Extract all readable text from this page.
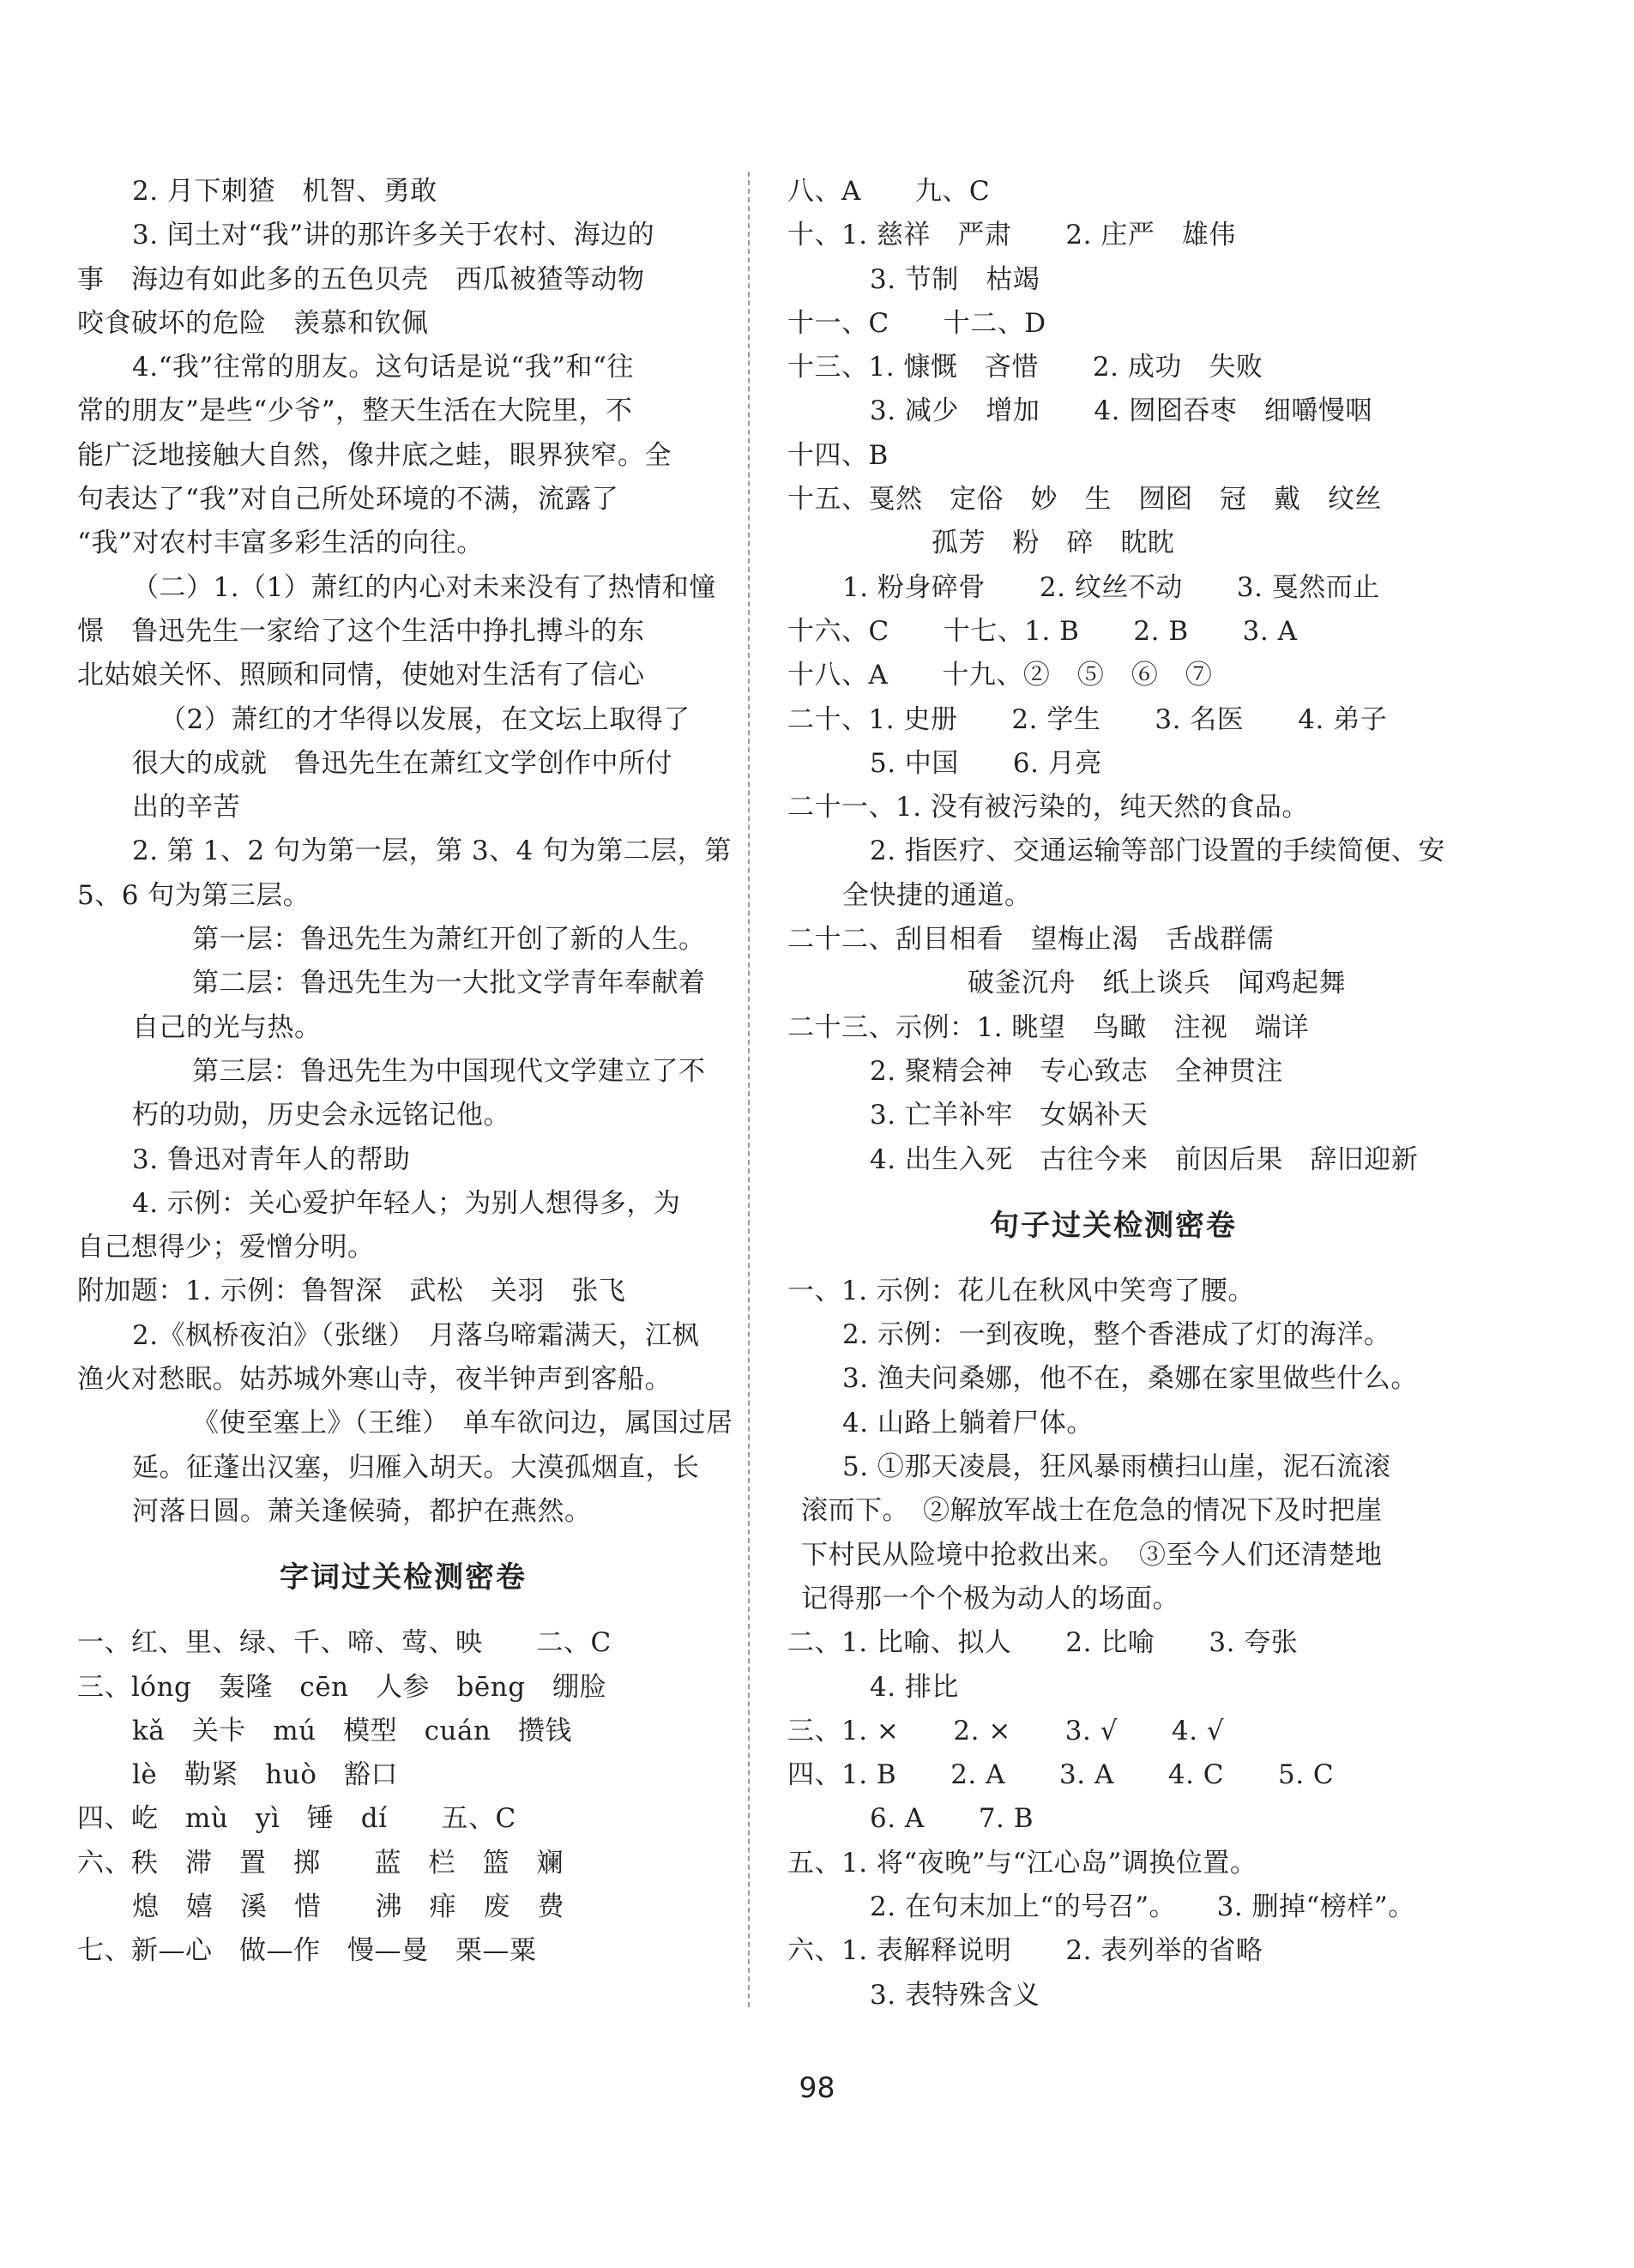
2. 月下刺猹　机智、勇敢
3. 闰土对“我”讲的那许多关于农村、海边的
事　海边有如此多的五色贝壳　西瓜被猹等动物
咬食破坏的危险　羡慕和钦佩
4.“我”往常的朋友。这句话是说“我”和“往
常的朋友”是些“少爷”，整天生活在大院里，不
能广泛地接触大自然，像井底之蛙，眼界狭窄。全
句表达了“我”对自己所处环境的不满，流露了
“我”对农村丰富多彩生活的向往。
（二）1.（1）萧红的内心对未来没有了热情和憧
憬　鲁迅先生一家给了这个生活中挣扎搏斗的东
北姑娘关怀、照顾和同情，使她对生活有了信心
（2）萧红的才华得以发展，在文坛上取得了
很大的成就　鲁迅先生在萧红文学创作中所付
出的辛苦
2. 第 1、2 句为第一层，第 3、4 句为第二层，第
5、6 句为第三层。
第一层：鲁迅先生为萧红开创了新的人生。
第二层：鲁迅先生为一大批文学青年奉献着
自己的光与热。
第三层：鲁迅先生为中国现代文学建立了不
朽的功勋，历史会永远铭记他。
3. 鲁迅对青年人的帮助
4. 示例：关心爱护年轻人；为别人想得多，为
自己想得少；爱憎分明。
附加题：1. 示例：鲁智深　武松　关羽　张飞
2.《枫桥夜泊》（张继）　月落乌啼霜满天，江枫
渔火对愁眠。姑苏城外寒山寺，夜半钟声到客船。
《使至塞上》（王维）　单车欲问边，属国过居
延。征蓬出汉塞，归雁入胡天。大漠孤烟直，长
河落日圆。萧关逢候骑，都护在燕然。
字词过关检测密卷
一、红、里、绿、千、啼、莺、映　　二、C
三、lóng　轰隆　cēn　人参　bēng　绷脸
kǎ　关卡　mú　模型　cuán　攒钱
lè　勒紧　huò　豁口
四、屹　mù　yì　锤　dí　　五、C
六、秩　滞　置　掷　　蓝　栏　篮　斓
熄　嬉　溪　惜　　沸　痱　废　费
七、新—心　做—作　慢—曼　栗—粟
八、A　　九、C
十、1. 慈祥　严肃　　2. 庄严　雄伟
3. 节制　枯竭
十一、C　　十二、D
十三、1. 慷慨　吝惜　　2. 成功　失败
3. 减少　增加　　4. 囫囵吞枣　细嚼慢咽
十四、B
十五、戛然　定俗　妙　生　囫囵　冠　戴　纹丝
孤芳　粉　碎　眈眈
1. 粉身碎骨　　2. 纹丝不动　　3. 戛然而止
十六、C　　十七、1. B　　2. B　　3. A
十八、A　　十九、②　⑤　⑥　⑦
二十、1. 史册　　2. 学生　　3. 名医　　4. 弟子
5. 中国　　6. 月亮
二十一、1. 没有被污染的，纯天然的食品。
2. 指医疗、交通运输等部门设置的手续简便、安
全快捷的通道。
二十二、刮目相看　望梅止渴　舌战群儒
破釜沉舟　纸上谈兵　闻鸡起舞
二十三、示例：1. 眺望　鸟瞰　注视　端详
2. 聚精会神　专心致志　全神贯注
3. 亡羊补牢　女娲补天
4. 出生入死　古往今来　前因后果　辞旧迎新
句子过关检测密卷
一、1. 示例：花儿在秋风中笑弯了腰。
2. 示例：一到夜晚，整个香港成了灯的海洋。
3. 渔夫问桑娜，他不在，桑娜在家里做些什么。
4. 山路上躺着尸体。
5. ①那天凌晨，狂风暴雨横扫山崖，泥石流滚
滚而下。　②解放军战士在危急的情况下及时把崖
下村民从险境中抢救出来。　③至今人们还清楚地
记得那一个个极为动人的场面。
二、1. 比喻、拟人　　2. 比喻　　3. 夸张
4. 排比
三、1. ×　　2. ×　　3. √　　4. √
四、1. B　　2. A　　3. A　　4. C　　5. C
6. A　　7. B
五、1. 将“夜晚”与“江心岛”调换位置。
2. 在句末加上“的号召”。　　3. 删掉“榜样”。
六、1. 表解释说明　　2. 表列举的省略
3. 表特殊含义
98
